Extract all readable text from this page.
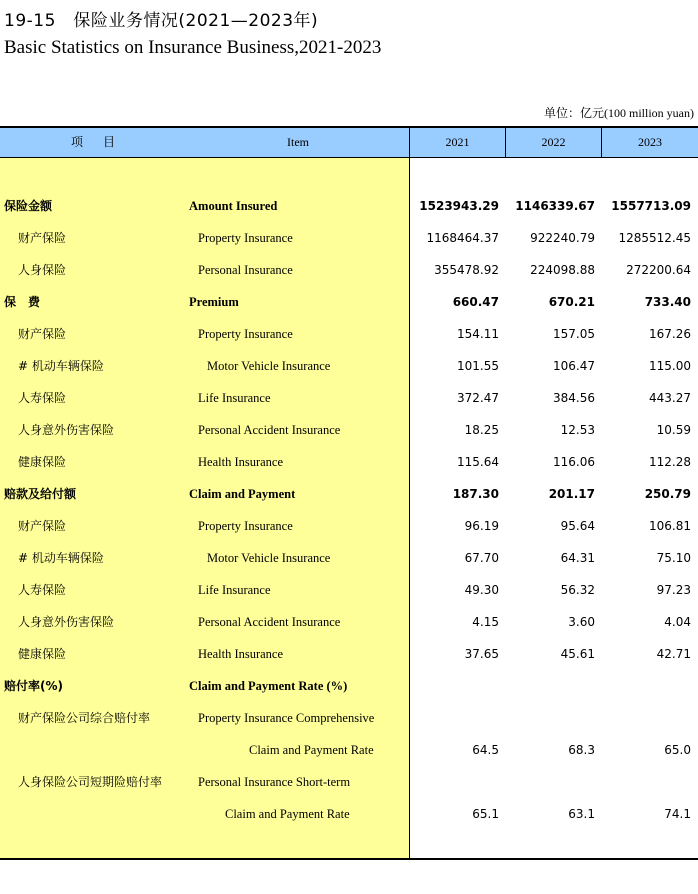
19-15　保险业务情况(2021—2023年)
Basic Statistics on Insurance Business,2021-2023
单位：亿元(100 million yuan)
项　目	Item	2021	2022	2023
保险金额	Amount Insured	1523943.29	1146339.67	1557713.09
财产保险	Property Insurance	1168464.37	922240.79	1285512.45
人身保险	Personal Insurance	355478.92	224098.88	272200.64
保　费	Premium	660.47	670.21	733.40
财产保险	Property Insurance	154.11	157.05	167.26
# 机动车辆保险	Motor Vehicle Insurance	101.55	106.47	115.00
人寿保险	Life Insurance	372.47	384.56	443.27
人身意外伤害保险	Personal Accident Insurance	18.25	12.53	10.59
健康保险	Health Insurance	115.64	116.06	112.28
赔款及给付额	Claim and Payment	187.30	201.17	250.79
财产保险	Property Insurance	96.19	95.64	106.81
# 机动车辆保险	Motor Vehicle Insurance	67.70	64.31	75.10
人寿保险	Life Insurance	49.30	56.32	97.23
人身意外伤害保险	Personal Accident Insurance	4.15	3.60	4.04
健康保险	Health Insurance	37.65	45.61	42.71
赔付率(%)	Claim and Payment Rate (%)
财产保险公司综合赔付率	Property Insurance Comprehensive
Claim and Payment Rate	64.5	68.3	65.0
人身保险公司短期险赔付率	Personal Insurance Short-term
Claim and Payment Rate	65.1	63.1	74.1
